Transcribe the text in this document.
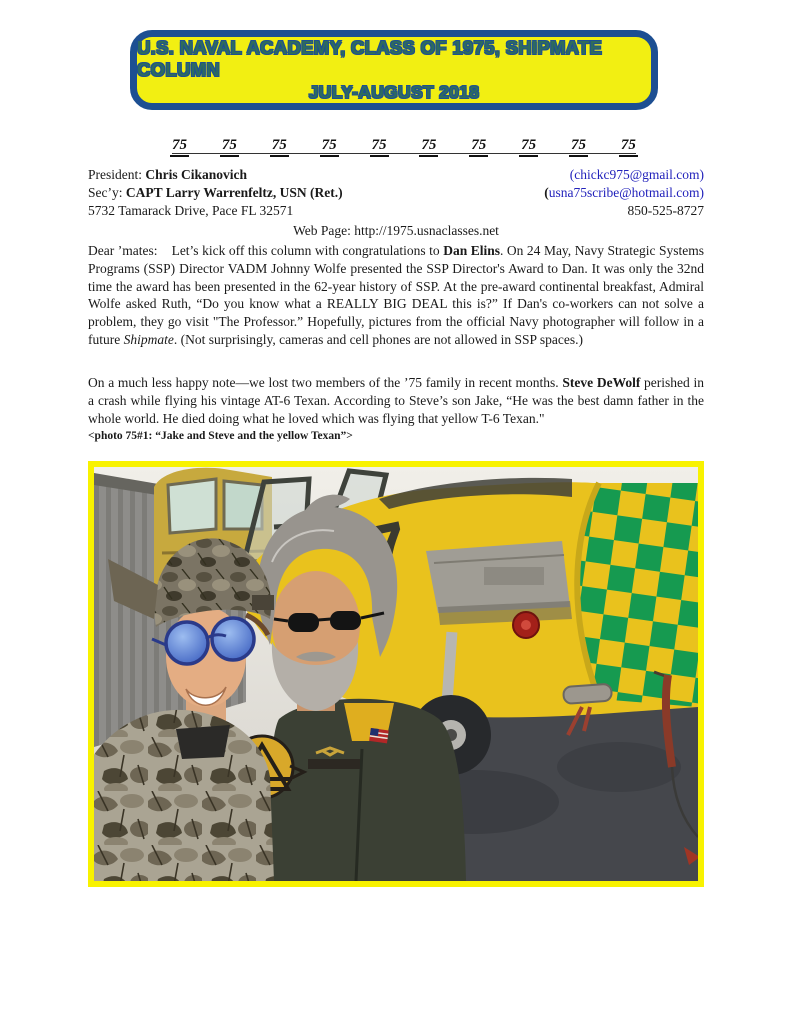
U.S. NAVAL ACADEMY, CLASS OF 1975, SHIPMATE COLUMN
JULY-AUGUST 2018
75 75 75 75 75 75 75 75 75 75
President: Chris Cikanovich	(chickc975@gmail.com)
Sec’y: CAPT Larry Warrenfeltz, USN (Ret.)	(usna75scribe@hotmail.com)
5732 Tamarack Drive, Pace FL 32571	850-525-8727
Web Page: http://1975.usnaclasses.net

Dear ’mates:    Let’s kick off this column with congratulations to Dan Elins. On 24 May, Navy Strategic Systems Programs (SSP) Director VADM Johnny Wolfe presented the SSP Director's Award to Dan. It was only the 32nd time the award has been presented in the 62-year history of SSP. At the pre-award continental breakfast, Admiral Wolfe asked Ruth, “Do you know what a REALLY BIG DEAL this is?” If Dan's co-workers can not solve a problem, they go visit "The Professor.” Hopefully, pictures from the official Navy photographer will follow in a future Shipmate. (Not surprisingly, cameras and cell phones are not allowed in SSP spaces.)

On a much less happy note—we lost two members of the ’75 family in recent months. Steve DeWolf perished in a crash while flying his vintage AT-6 Texan. According to Steve’s son Jake, “He was the best damn father in the whole world. He died doing what he loved which was flying that yellow T-6 Texan."

<photo 75#1: “Jake and Steve and the yellow Texan”>
